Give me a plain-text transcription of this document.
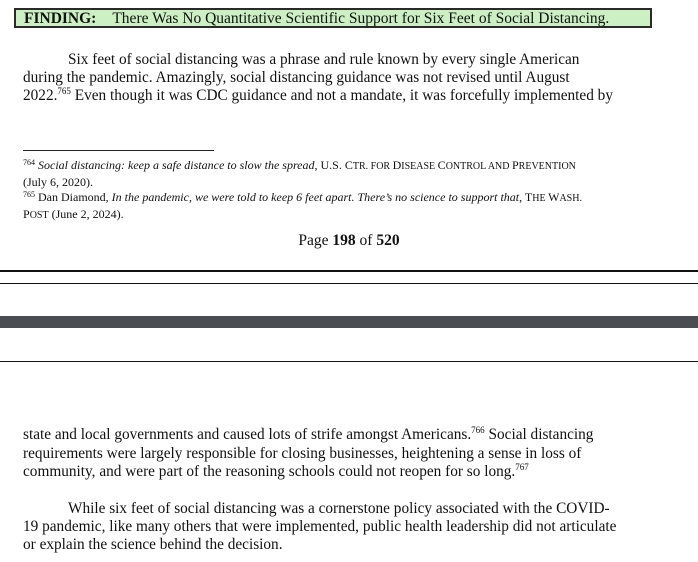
FINDING: There Was No Quantitative Scientific Support for Six Feet of Social Distancing.

Six feet of social distancing was a phrase and rule known by every single American
during the pandemic. Amazingly, social distancing guidance was not revised until August
2022.$^{765}$ Even though it was CDC guidance and not a mandate, it was forcefully implemented by

$^{764}$ Social distancing: keep a safe distance to slow the spread, U.S. CTR. FOR DISEASE CONTROL AND PREVENTION
(July 6, 2020).
$^{765}$ Dan Diamond, In the pandemic, we were told to keep 6 feet apart. There’s no science to support that, THE WASH.
POST (June 2, 2024).

Page 198 of 520

state and local governments and caused lots of strife amongst Americans.$^{766}$ Social distancing
requirements were largely responsible for closing businesses, heightening a sense in loss of
community, and were part of the reasoning schools could not reopen for so long.$^{767}$

While six feet of social distancing was a cornerstone policy associated with the COVID-
19 pandemic, like many others that were implemented, public health leadership did not articulate
or explain the science behind the decision.
